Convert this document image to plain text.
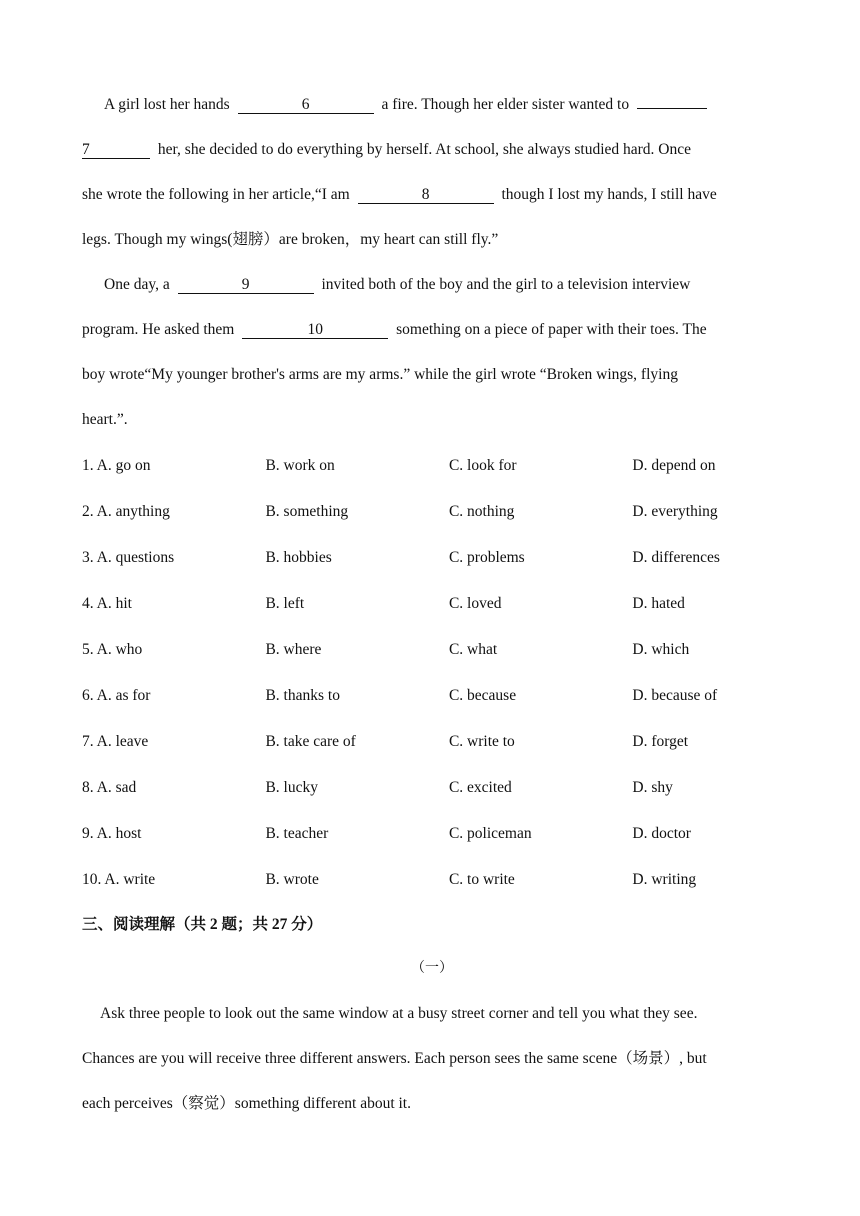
A girl lost her hands	6	a fire. Though her elder sister wanted to

7	her, she decided to do everything by herself. At school, she always studied hard. Once

she wrote the following in her article,“I am	8	though I lost my hands, I still have

legs. Though my wings(翅膀）are broken，my heart can still fly.”

One day, a	9	invited both of the boy and the girl to a television interview

program. He asked them	10	something on a piece of paper with their toes. The

boy wrote“My younger brother's arms are my arms.” while the girl wrote “Broken wings, flying

heart.”.

1. A. go on	B. work on	C. look for	D. depend on
2. A. anything	B. something	C. nothing	D. everything
3. A. questions	B. hobbies	C. problems	D. differences
4. A. hit	B. left	C. loved	D. hated
5. A. who	B. where	C. what	D. which
6. A. as for	B. thanks to	C. because	D. because of
7. A. leave	B. take care of	C. write to	D. forget
8. A. sad	B. lucky	C. excited	D. shy
9. A. host	B. teacher	C. policeman	D. doctor
10. A. write	B. wrote	C. to write	D. writing
三、阅读理解（共 2 题；共 27 分）
（一）

Ask three people to look out the same window at a busy street corner and tell you what they see.

Chances are you will receive three different answers. Each person sees the same scene（场景）, but

each perceives（察觉）something different about it.
